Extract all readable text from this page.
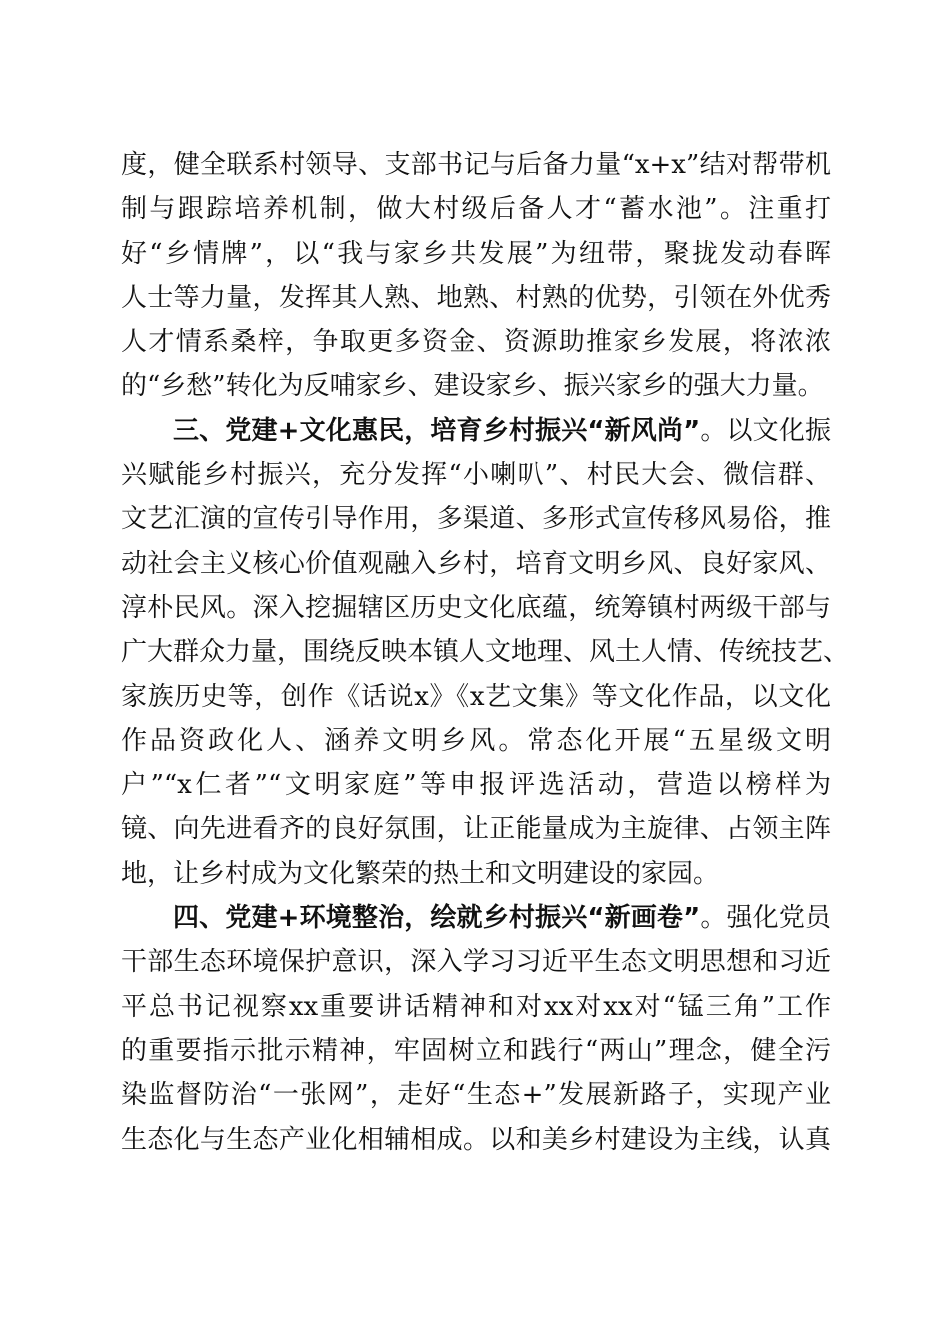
度，健全联系村领导、支部书记与后备力量“x+x”结对帮带机
制与跟踪培养机制，做大村级后备人才“蓄水池”。注重打
好“乡情牌”，以“我与家乡共发展”为纽带，聚拢发动春晖
人士等力量，发挥其人熟、地熟、村熟的优势，引领在外优秀
人才情系桑梓，争取更多资金、资源助推家乡发展，将浓浓
的“乡愁”转化为反哺家乡、建设家乡、振兴家乡的强大力量。
三、党建+文化惠民，培育乡村振兴“新风尚”。以文化振
兴赋能乡村振兴，充分发挥“小喇叭”、村民大会、微信群、
文艺汇演的宣传引导作用，多渠道、多形式宣传移风易俗，推
动社会主义核心价值观融入乡村，培育文明乡风、良好家风、
淳朴民风。深入挖掘辖区历史文化底蕴，统筹镇村两级干部与
广大群众力量，围绕反映本镇人文地理、风土人情、传统技艺、
家族历史等，创作《话说x》《x艺文集》等文化作品，以文化
作品资政化人、涵养文明乡风。常态化开展“五星级文明
户”“x仁者”“文明家庭”等申报评选活动，营造以榜样为
镜、向先进看齐的良好氛围，让正能量成为主旋律、占领主阵
地，让乡村成为文化繁荣的热土和文明建设的家园。
四、党建+环境整治，绘就乡村振兴“新画卷”。强化党员
干部生态环境保护意识，深入学习习近平生态文明思想和习近
平总书记视察xx重要讲话精神和对xx对xx对“锰三角”工作
的重要指示批示精神，牢固树立和践行“两山”理念，健全污
染监督防治“一张网”，走好“生态+”发展新路子，实现产业
生态化与生态产业化相辅相成。以和美乡村建设为主线，认真
